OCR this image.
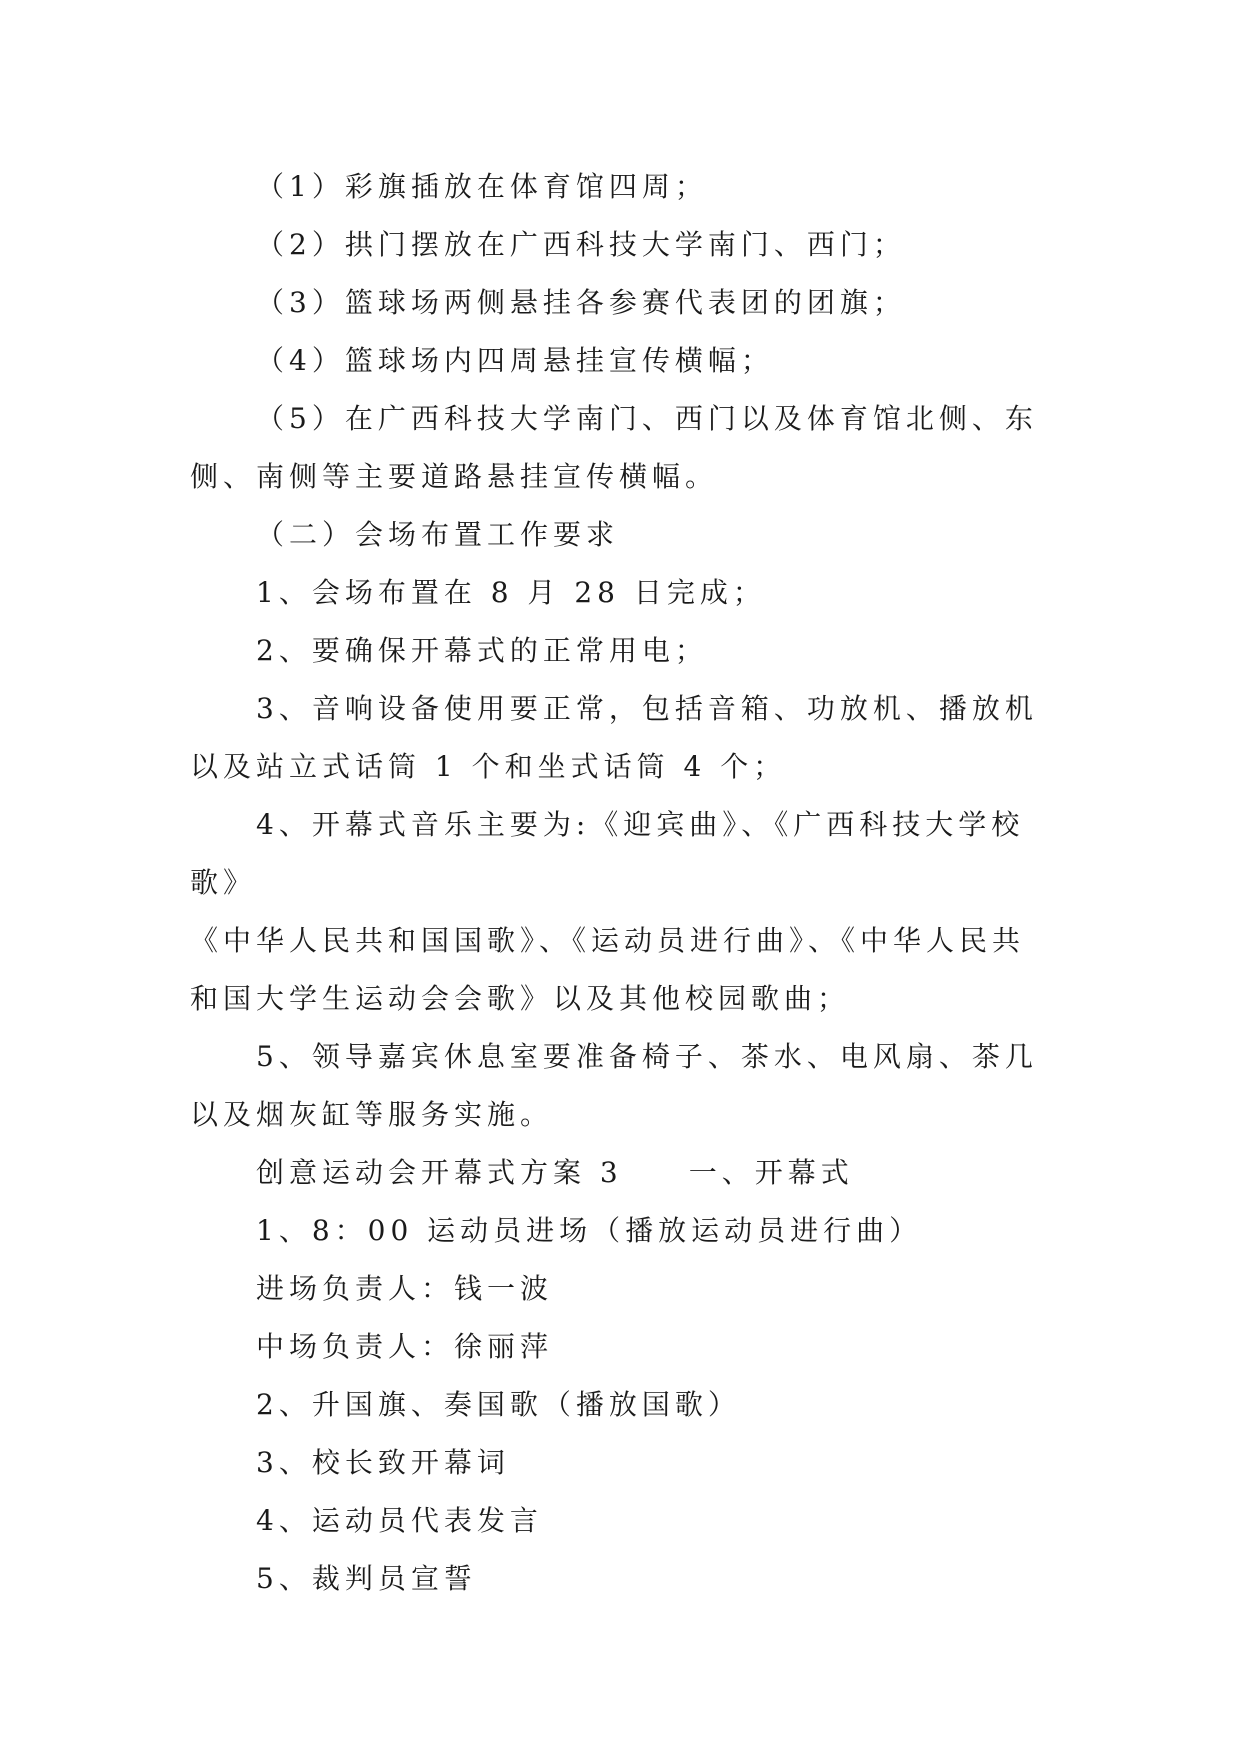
（1）彩旗插放在体育馆四周；

（2）拱门摆放在广西科技大学南门、西门；

（3）篮球场两侧悬挂各参赛代表团的团旗；

（4）篮球场内四周悬挂宣传横幅；

（5）在广西科技大学南门、西门以及体育馆北侧、东
侧、南侧等主要道路悬挂宣传横幅。

（二）会场布置工作要求

1、会场布置在 8 月 28 日完成；

2、要确保开幕式的正常用电；

3、音响设备使用要正常，包括音箱、功放机、播放机
以及站立式话筒 1 个和坐式话筒 4 个；

4、开幕式音乐主要为:《迎宾曲》、《广西科技大学校歌》
《中华人民共和国国歌》、《运动员进行曲》、《中华人民共
和国大学生运动会会歌》以及其他校园歌曲；

5、领导嘉宾休息室要准备椅子、茶水、电风扇、茶几
以及烟灰缸等服务实施。

创意运动会开幕式方案 3　　一、开幕式

1、8：00 运动员进场（播放运动员进行曲）

进场负责人：钱一波

中场负责人：徐丽萍

2、升国旗、奏国歌（播放国歌）

3、校长致开幕词

4、运动员代表发言

5、裁判员宣誓
